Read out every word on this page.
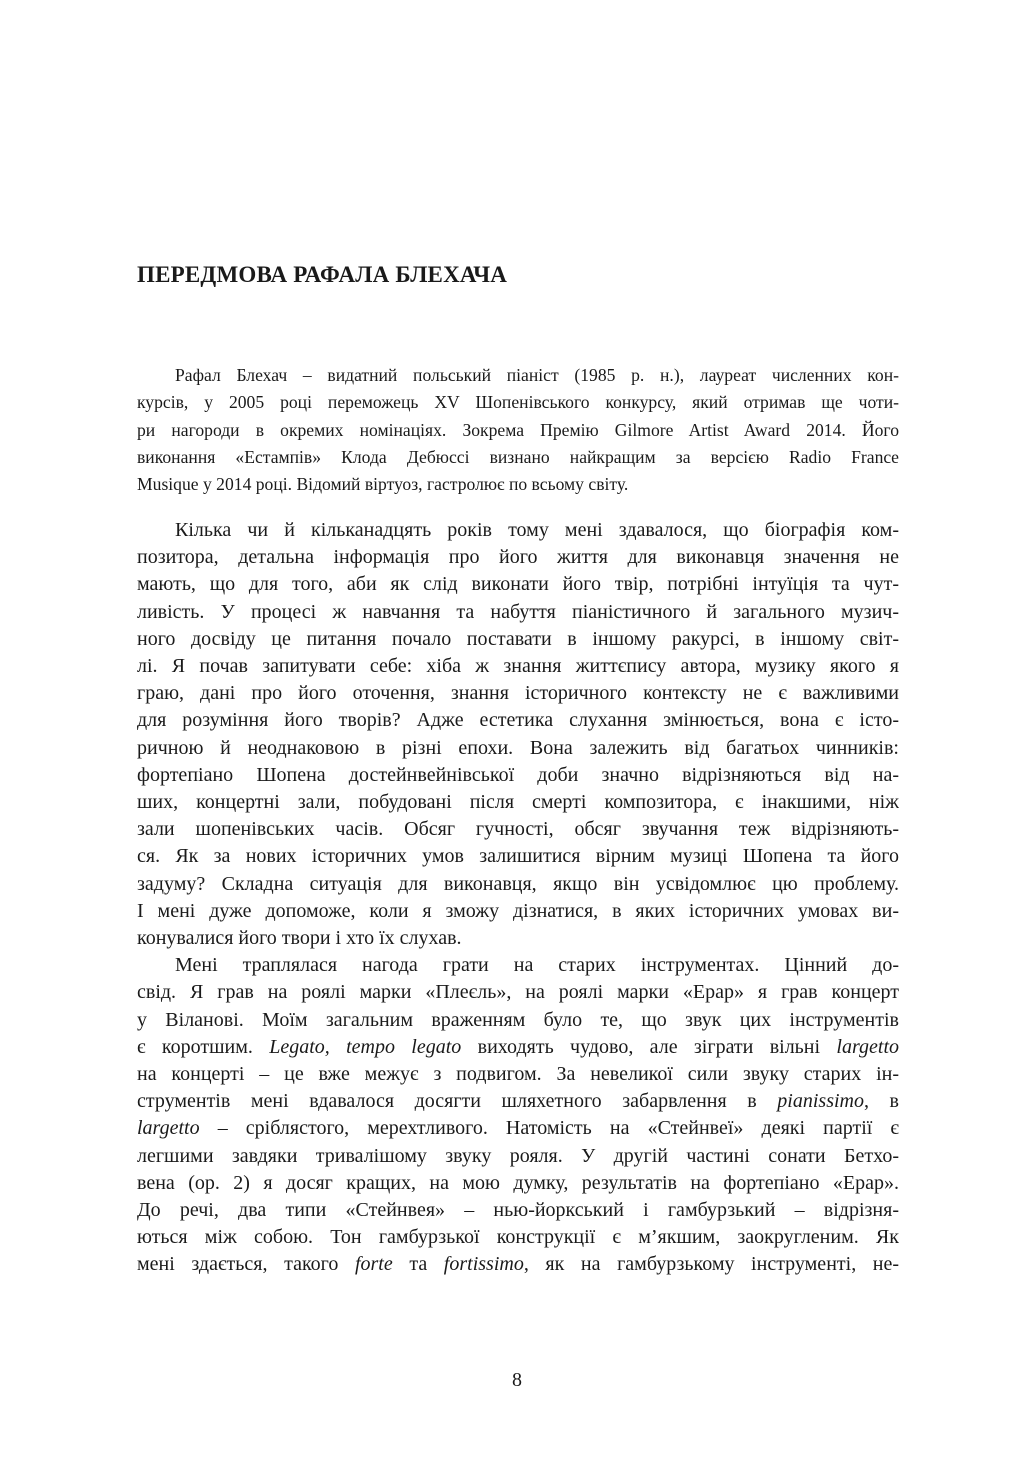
ПЕРЕДМОВА РАФАЛА БЛЕХАЧА

Рафал Блехач – видатний польський піаніст (1985 р. н.), лауреат численних кон-
курсів, у 2005 році переможець XV Шопенівського конкурсу, який отримав ще чоти-
ри нагороди в окремих номінаціях. Зокрема Премію Gilmore Artist Award 2014. Його
виконання «Естампів» Клода Дебюссі визнано найкращим за версією Radio France
Musique у 2014 році. Відомий віртуоз, гастролює по всьому світу.

Кілька чи й кільканадцять років тому мені здавалося, що біографія ком-
позитора, детальна інформація про його життя для виконавця значення не
мають, що для того, аби як слід виконати його твір, потрібні інтуїція та чут-
ливість. У процесі ж навчання та набуття піаністичного й загального музич-
ного досвіду це питання почало поставати в іншому ракурсі, в іншому світ-
лі. Я почав запитувати себе: хіба ж знання життєпису автора, музику якого я
граю, дані про його оточення, знання історичного контексту не є важливими
для розуміння його творів? Адже естетика слухання змінюється, вона є істо-
ричною й неоднаковою в різні епохи. Вона залежить від багатьох чинників:
фортепіано Шопена достейнвейнівської доби значно відрізняються від на-
ших, концертні зали, побудовані після смерті композитора, є інакшими, ніж
зали шопенівських часів. Обсяг гучності, обсяг звучання теж відрізняють-
ся. Як за нових історичних умов залишитися вірним музиці Шопена та його
задуму? Складна ситуація для виконавця, якщо він усвідомлює цю проблему.
І мені дуже допоможе, коли я зможу дізнатися, в яких історичних умовах ви-
конувалися його твори і хто їх слухав.

Мені траплялася нагода грати на старих інструментах. Цінний до-
свід. Я грав на роялі марки «Плеєль», на роялі марки «Ерар» я грав концерт
у Віланові. Моїм загальним враженням було те, що звук цих інструментів
є коротшим. Legato, tempo legato виходять чудово, але зіграти вільні largetto
на концерті – це вже межує з подвигом. За невеликої сили звуку старих ін-
струментів мені вдавалося досягти шляхетного забарвлення в pianissimo, в
largetto – сріблястого, мерехтливого. Натомість на «Стейнвеї» деякі партії є
легшими завдяки тривалішому звуку рояля. У другій частині сонати Бетхо-
вена (ор. 2) я досяг кращих, на мою думку, результатів на фортепіано «Ерар».
До речі, два типи «Стейнвея» – нью-йоркський і гамбурзький – відрізня-
ються між собою. Тон гамбурзької конструкції є м’якшим, заокругленим. Як
мені здається, такого forte та fortissimo, як на гамбурзькому інструменті, не-

8
